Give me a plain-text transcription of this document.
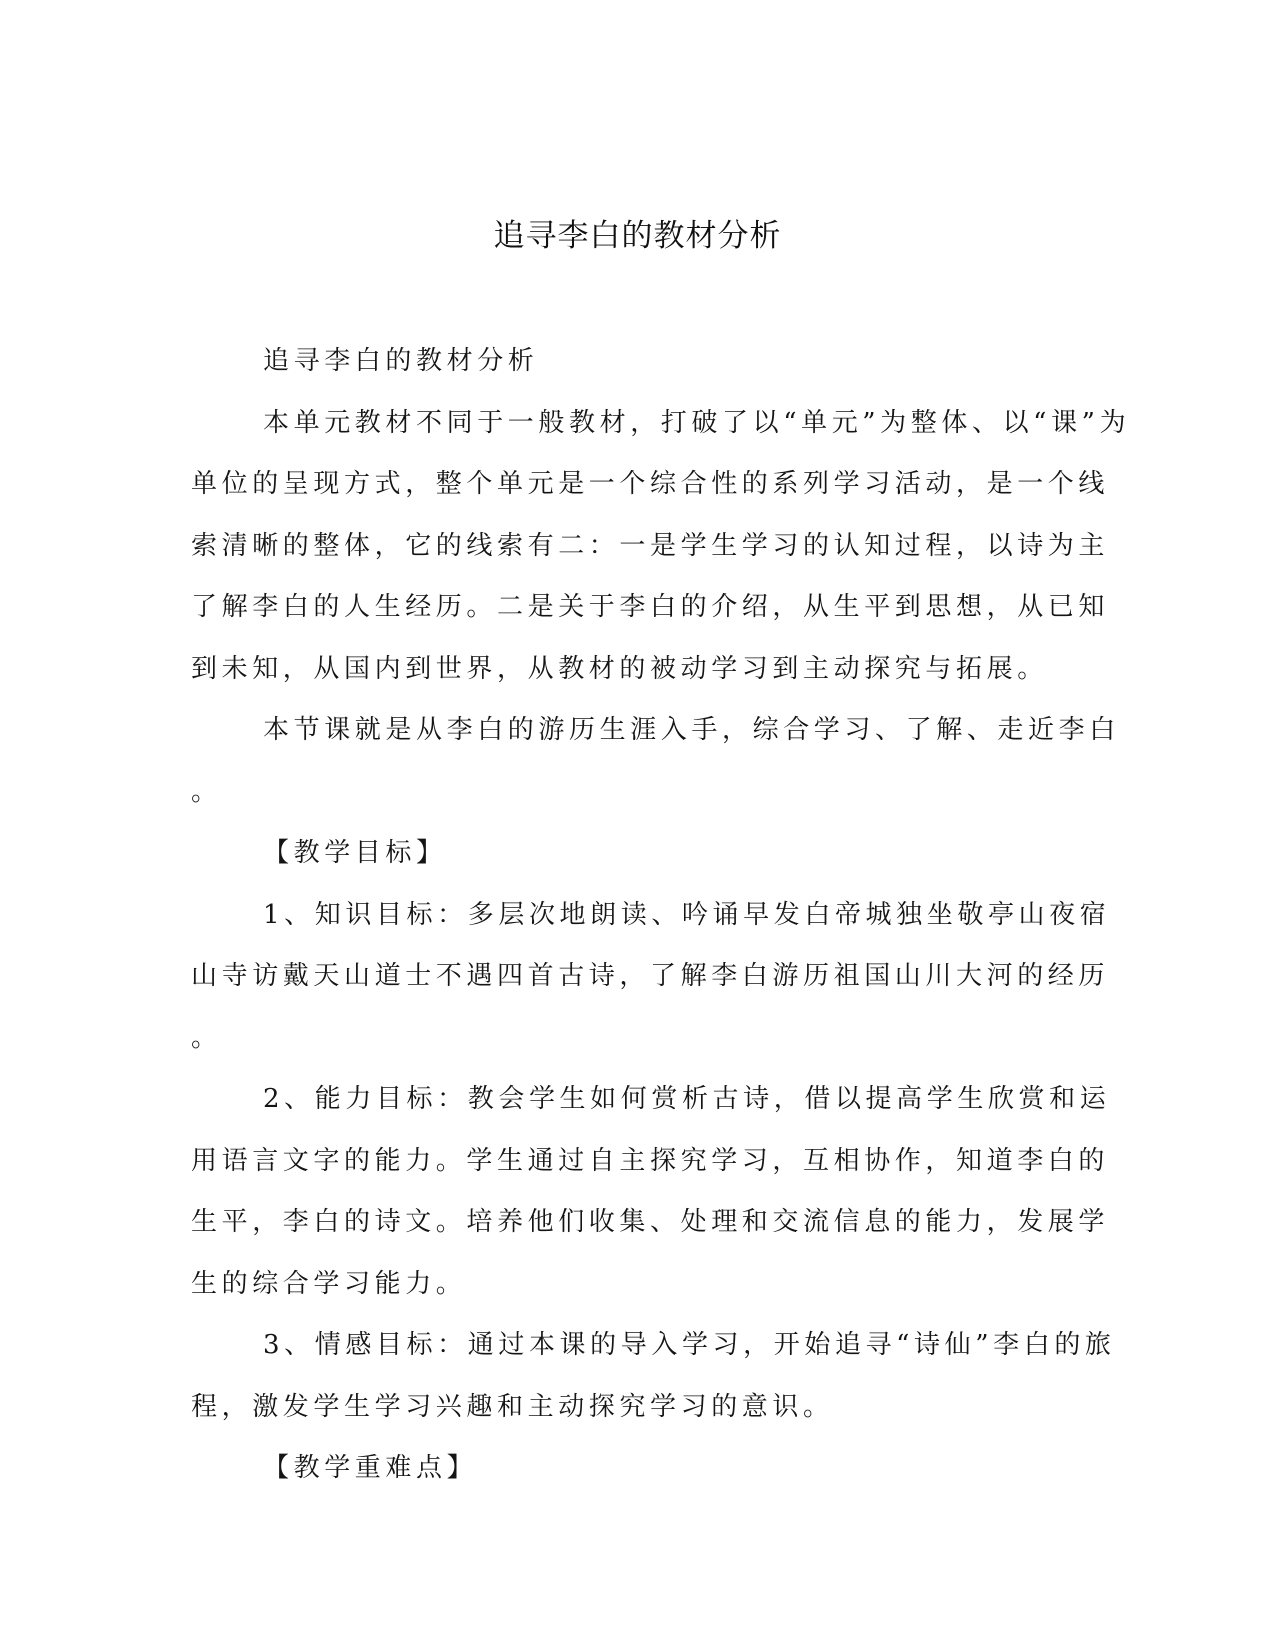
追寻李白的教材分析
追寻李白的教材分析
本单元教材不同于一般教材，打破了以“单元”为整体、以“课”为
单位的呈现方式，整个单元是一个综合性的系列学习活动，是一个线
索清晰的整体，它的线索有二：一是学生学习的认知过程，以诗为主
了解李白的人生经历。二是关于李白的介绍，从生平到思想，从已知
到未知，从国内到世界，从教材的被动学习到主动探究与拓展。
本节课就是从李白的游历生涯入手，综合学习、了解、走近李白
。
【教学目标】
1、知识目标：多层次地朗读、吟诵早发白帝城独坐敬亭山夜宿
山寺访戴天山道士不遇四首古诗，了解李白游历祖国山川大河的经历
。
2、能力目标：教会学生如何赏析古诗，借以提高学生欣赏和运
用语言文字的能力。学生通过自主探究学习，互相协作，知道李白的
生平，李白的诗文。培养他们收集、处理和交流信息的能力，发展学
生的综合学习能力。
3、情感目标：通过本课的导入学习，开始追寻“诗仙”李白的旅
程，激发学生学习兴趣和主动探究学习的意识。
【教学重难点】
